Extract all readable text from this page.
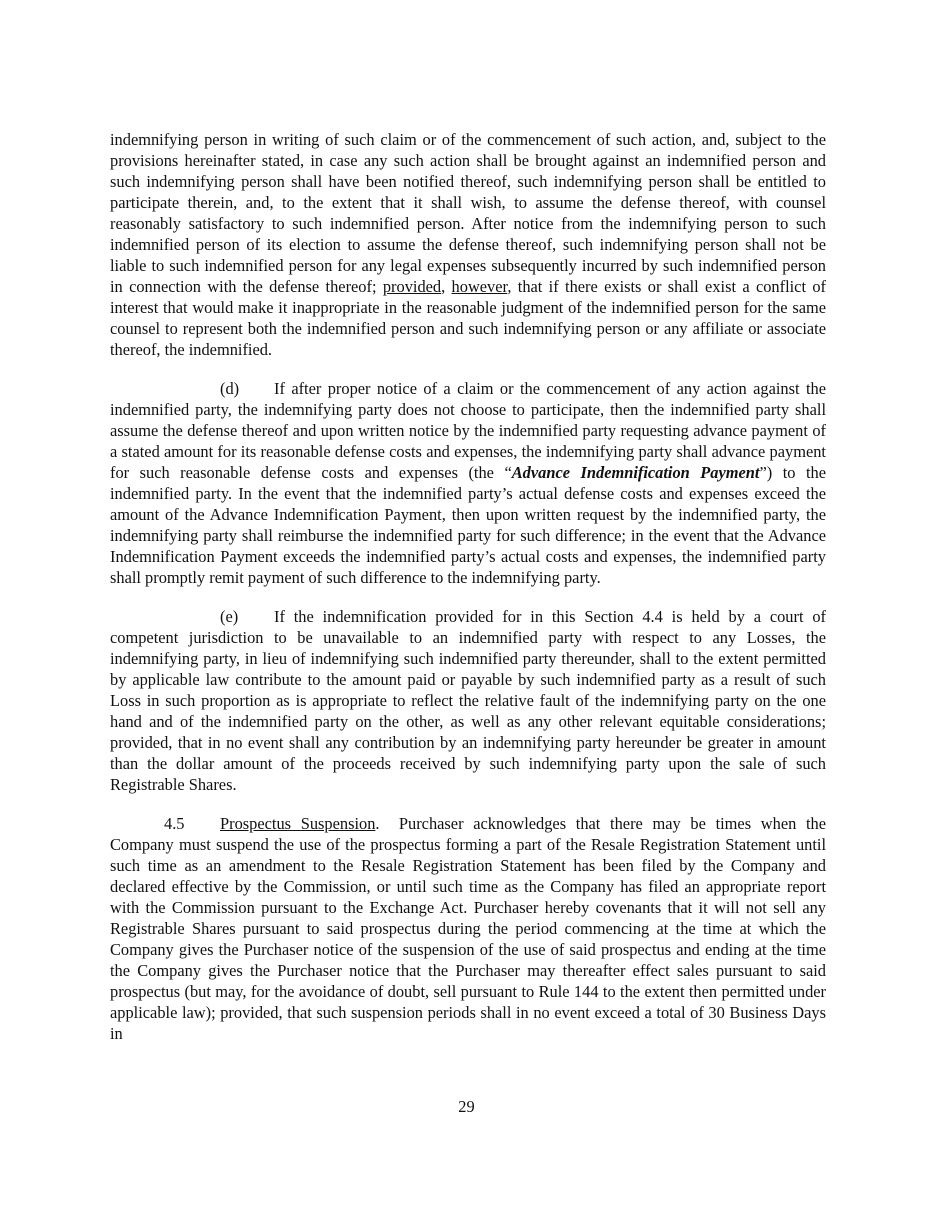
indemnifying person in writing of such claim or of the commencement of such action, and, subject to the provisions hereinafter stated, in case any such action shall be brought against an indemnified person and such indemnifying person shall have been notified thereof, such indemnifying person shall be entitled to participate therein, and, to the extent that it shall wish, to assume the defense thereof, with counsel reasonably satisfactory to such indemnified person. After notice from the indemnifying person to such indemnified person of its election to assume the defense thereof, such indemnifying person shall not be liable to such indemnified person for any legal expenses subsequently incurred by such indemnified person in connection with the defense thereof; provided, however, that if there exists or shall exist a conflict of interest that would make it inappropriate in the reasonable judgment of the indemnified person for the same counsel to represent both the indemnified person and such indemnifying person or any affiliate or associate thereof, the indemnified.

(d) If after proper notice of a claim or the commencement of any action against the indemnified party, the indemnifying party does not choose to participate, then the indemnified party shall assume the defense thereof and upon written notice by the indemnified party requesting advance payment of a stated amount for its reasonable defense costs and expenses, the indemnifying party shall advance payment for such reasonable defense costs and expenses (the “Advance Indemnification Payment”) to the indemnified party. In the event that the indemnified party’s actual defense costs and expenses exceed the amount of the Advance Indemnification Payment, then upon written request by the indemnified party, the indemnifying party shall reimburse the indemnified party for such difference; in the event that the Advance Indemnification Payment exceeds the indemnified party’s actual costs and expenses, the indemnified party shall promptly remit payment of such difference to the indemnifying party.

(e) If the indemnification provided for in this Section 4.4 is held by a court of competent jurisdiction to be unavailable to an indemnified party with respect to any Losses, the indemnifying party, in lieu of indemnifying such indemnified party thereunder, shall to the extent permitted by applicable law contribute to the amount paid or payable by such indemnified party as a result of such Loss in such proportion as is appropriate to reflect the relative fault of the indemnifying party on the one hand and of the indemnified party on the other, as well as any other relevant equitable considerations; provided, that in no event shall any contribution by an indemnifying party hereunder be greater in amount than the dollar amount of the proceeds received by such indemnifying party upon the sale of such Registrable Shares.

4.5 Prospectus Suspension.  Purchaser acknowledges that there may be times when the Company must suspend the use of the prospectus forming a part of the Resale Registration Statement until such time as an amendment to the Resale Registration Statement has been filed by the Company and declared effective by the Commission, or until such time as the Company has filed an appropriate report with the Commission pursuant to the Exchange Act. Purchaser hereby covenants that it will not sell any Registrable Shares pursuant to said prospectus during the period commencing at the time at which the Company gives the Purchaser notice of the suspension of the use of said prospectus and ending at the time the Company gives the Purchaser notice that the Purchaser may thereafter effect sales pursuant to said prospectus (but may, for the avoidance of doubt, sell pursuant to Rule 144 to the extent then permitted under applicable law); provided, that such suspension periods shall in no event exceed a total of 30 Business Days in

29
